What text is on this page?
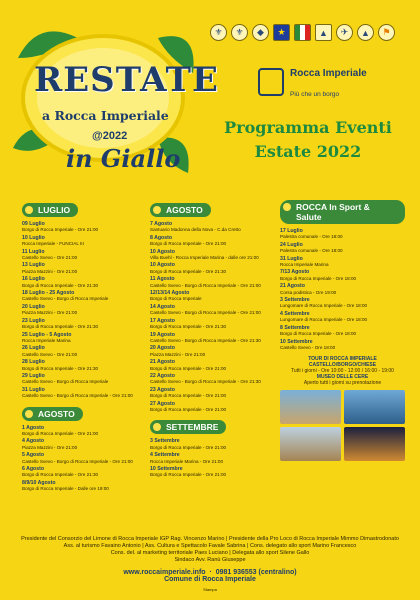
RESTATE
a Rocca Imperiale
@2022
in Giallo
⚜	⚜	◆	★	▲	✈	▲	⚑
Rocca Imperiale
Più che un borgo
Programma Eventi
Estate 2022
LUGLIO
09 Luglio
Borgo di Rocca Imperiale - Ore 21:00
10 Luglio
Rocca Imperiale - FUNCIAL III
11 Luglio
Castello Svevo - Ore 21:00
13 Luglio
Piazza Mazzini - Ore 21:00
16 Luglio
Borgo di Rocca Imperiale - Ore 21:30
18 Luglio - 25 Agosto
Castello Svevo - Borgo di Rocca Imperiale
20 Luglio
Piazza Mazzini - Ore 21:00
23 Luglio
Borgo di Rocca Imperiale - Ore 21:30
25 Luglio - 5 Agosto
Rocca Imperiale Marina
26 Luglio
Castello Svevo - Ore 21:00
28 Luglio
Borgo di Rocca Imperiale - Ore 21:30
29 Luglio
Castello Svevo - Borgo di Rocca Imperiale
31 Luglio
Castello Svevo - Borgo di Rocca Imperiale - Ore 21:00
AGOSTO
1 Agosto
Borgo di Rocca Imperiale - Ore 21:00
4 Agosto
Piazza Mazzini - Ore 21:00
5 Agosto
Castello Svevo - Borgo di Rocca Imperiale - Ore 21:00
6 Agosto
Borgo di Rocca Imperiale - Ore 21:30
8/9/10 Agosto
Borgo di Rocca Imperiale - Dalle ore 19:00
AGOSTO
7 Agosto
Santuario Madonna della Nova - C.da Cretto
8 Agosto
Borgo di Rocca Imperiale - Ore 21:00
10 Agosto
Villa Buehl - Rocca Imperiale Marina - dalle ore 21:00
10 Agosto
Borgo di Rocca Imperiale - Ore 21:30
11 Agosto
Castello Svevo - Borgo di Rocca Imperiale - Ore 21:00
12/13/14 Agosto
Borgo di Rocca Imperiale
14 Agosto
Castello Svevo - Borgo di Rocca Imperiale - Ore 21:00
17 Agosto
Borgo di Rocca Imperiale - Ore 21:30
19 Agosto
Castello Svevo - Borgo di Rocca Imperiale - Ore 21:30
20 Agosto
Piazza Mazzini - Ore 21:00
21 Agosto
Borgo di Rocca Imperiale - Ore 21:00
22 Agosto
Castello Svevo - Borgo di Rocca Imperiale - Ore 21:30
23 Agosto
Borgo di Rocca Imperiale - Ore 21:00
27 Agosto
Borgo di Rocca Imperiale - Ore 21:00
SETTEMBRE
3 Settembre
Borgo di Rocca Imperiale - Ore 21:00
4 Settembre
Rocca Imperiale Marina - Ore 21:00
10 Settembre
Borgo di Rocca Imperiale - Ore 21:00
ROCCA In Sport & Salute
17 Luglio
Palestra comunale - Ore 18:00
24 Luglio
Palestra comunale - Ore 18:00
31 Luglio
Rocca Imperiale Marina
7/13 Agosto
Borgo di Rocca Imperiale - Ore 18:00
21 Agosto
Corsa podistica - Ore 19:00
3 Settembre
Lungomare di Rocca Imperiale - Ore 18:00
4 Settembre
Lungomare di Rocca Imperiale - Ore 18:00
8 Settembre
Borgo di Rocca Imperiale - Ore 18:00
10 Settembre
Castello Svevo - Ore 18:00
TOUR DI ROCCA IMPERIALE
CASTELLO/BORGO/CHIESE
Tutti i giorni - Ore 10:00 - 12:00 / 16:00 - 19:00
MUSEO DELLE CERE
Aperto tutti i giorni su prenotazione
Presidente del Consorzio del Limone di Rocca Imperiale IGP Rag. Vincenzo Marino | Presidente della Pro Loco di Rocca Imperiale Mimmo Dimastrodonato
Ass. al turismo Favaino Antonio | Ass. Cultura e Spettacolo Favale Sabrina | Cons. delegato allo sport Marino Francesco
Cons. del. al marketing territoriale Paes Luciano | Delegata allo sport Silene Gallo
Sindaco Avv. Ranù Giuseppe
www.roccaimperiale.info  ·  0981 936553 (centralino)
Comune di Rocca Imperiale
Stampa
